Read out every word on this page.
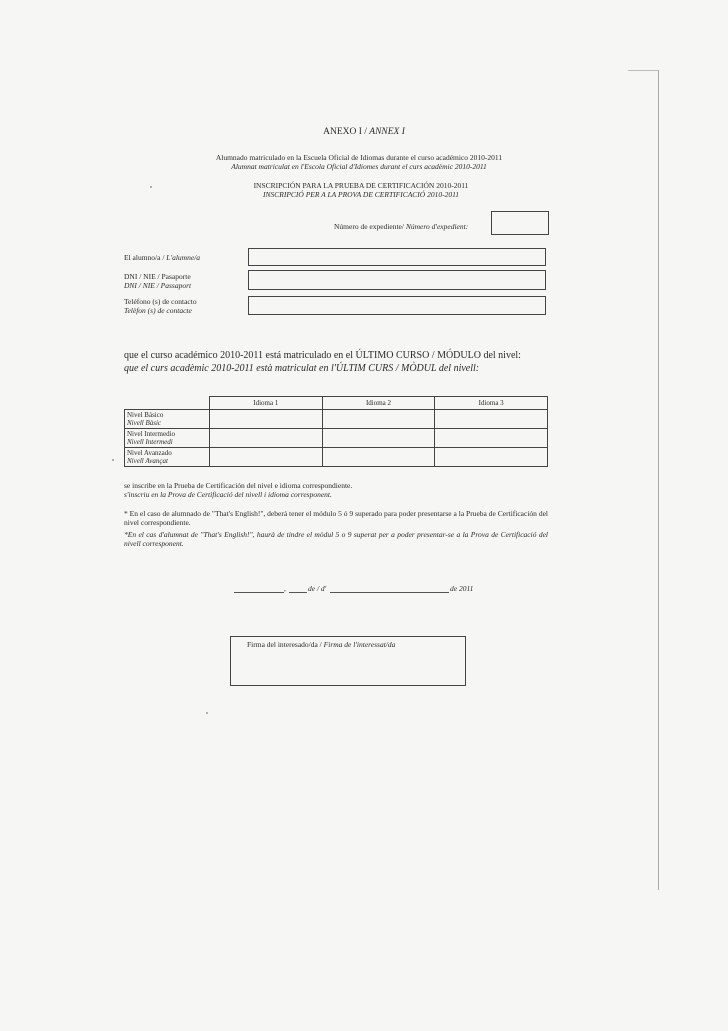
ANEXO I / ANNEX I
Alumnado matriculado en la Escuela Oficial de Idiomas durante el curso académico 2010-2011
Alumnat matriculat en l'Escola Oficial d'Idiomes durant el curs acadèmic 2010-2011
INSCRIPCIÓN PARA LA PRUEBA DE CERTIFICACIÓN 2010-2011
INSCRIPCIÓ PER A LA PROVA DE CERTIFICACIÓ 2010-2011
Número de expediente/ Número d'expedient:
El alumno/a / L'alumne/a
DNI / NIE / Pasaporte
DNI / NIE / Passaport
Teléfono (s) de contacto
Telèfon (s) de contacte
que el curso académico 2010-2011 está matriculado en el ÚLTIMO CURSO / MÓDULO del nivel:
que el curs acadèmic 2010-2011 està matriculat en l'ÚLTIM CURS / MÒDUL del nivell:
	Idioma 1	Idioma 2	Idioma 3

Nivel Básico
Nivell Bàsic			

Nivel Intermedio
Nivell Intermedi			

Nivel Avanzado
Nivell Avançat			

se inscribe en la Prueba de Certificación del nivel e idioma correspondiente.
s'inscriu en la Prova de Certificació del nivell i idioma corresponent.
* En el caso de alumnado de "That's English!", deberá tener el módulo 5 ó 9 superado para poder presentarse a la Prueba de Certificación del nivel correspondiente.
*En el cas d'alumnat de "That's English!", haurà de tindre el mòdul 5 o 9 superat per a poder presentar-se a la Prova de Certificació del nivell corresponent.
,	de / d'	de 2011
Firma del interesado/da / Firma de l'interessat/da
